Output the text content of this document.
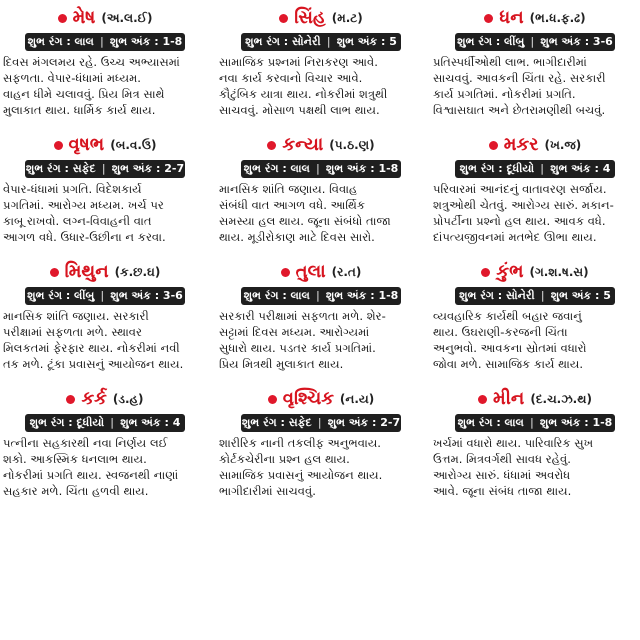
મેષ (અ.લ.ઈ)
શુભ રંગ : લાલ | શુભ અંક : 1-8
દિવસ મંગલમય રહે. ઉચ્ચ અભ્યાસમાં
સફળતા. વેપાર-ધંધામાં મધ્યમ.
વાહન ધીમે ચલાવવું. પ્રિય મિત્ર સાથે
મુલાકાત થાય. ધાર્મિક કાર્ય થાય.
વૃષભ (બ.વ.ઉ)
શુભ રંગ : સફેદ | શુભ અંક : 2-7
વેપાર-ધંધામાં પ્રગતિ. વિદેશકાર્ય
પ્રગતિમાં. આરોગ્ય મધ્યમ. ખર્ચ પર
કાબૂ રાખવો. લગ્ન-વિવાહની વાત
આગળ વધે. ઉધાર-ઉછીના ન કરવા.
મિથુન (ક.છ.ઘ)
શુભ રંગ : લીંબુ | શુભ અંક : 3-6
માનસિક શાંતિ જણાય. સરકારી
પરીક્ષામાં સફળતા મળે. સ્થાવર
મિલકતમાં ફેરફાર થાય. નોકરીમાં નવી
તક મળે. ટૂંકા પ્રવાસનું આયોજન થાય.
કર્ક (ડ.હ)
શુભ રંગ : દૂધીયો | શુભ અંક : 4
પત્નીના સહકારથી નવા નિર્ણય લઈ
શકો. આકસ્મિક ધનલાભ થાય.
નોકરીમાં પ્રગતિ થાય. સ્વજનથી નાણાં
સહકાર મળે. ચિંતા હળવી થાય.
સિંહ (મ.ટ)
શુભ રંગ : સોનેરી | શુભ અંક : 5
સામાજિક પ્રશ્નમાં નિરાકરણ આવે.
નવા કાર્ય કરવાનો વિચાર આવે.
કૌટુંબિક યાત્રા થાય. નોકરીમાં શત્રુથી
સાચવવું. મોસાળ પક્ષથી લાભ થાય.
કન્યા (પ.ઠ.ણ)
શુભ રંગ : લાલ | શુભ અંક : 1-8
માનસિક શાંતિ જણાય. વિવાહ
સંબંધી વાત આગળ વધે. આર્થિક
સમસ્યા હલ થાય. જૂના સંબંધો તાજા
થાય. મૂડીરોકાણ માટે દિવસ સારો.
તુલા (ર.ત)
શુભ રંગ : લાલ | શુભ અંક : 1-8
સરકારી પરીક્ષામાં સફળતા મળે. શેર-
સટ્ટામાં દિવસ મધ્યમ. આરોગ્યમાં
સુધારો થાય. પડતર કાર્ય પ્રગતિમાં.
પ્રિય મિત્રથી મુલાકાત થાય.
વૃશ્ચિક (ન.ય)
શુભ રંગ : સફેદ | શુભ અંક : 2-7
શારીરિક નાની તકલીફ અનુભવાય.
કોર્ટકચેરીના પ્રશ્ન હલ થાય.
સામાજિક પ્રવાસનું આયોજન થાય.
ભાગીદારીમાં સાચવવું.
ધન (ભ.ધ.ફ.ઢ)
શુભ રંગ : લીંબુ | શુભ અંક : 3-6
પ્રતિસ્પર્ધીઓથી લાભ. ભાગીદારીમાં
સાચવવું. આવકની ચિંતા રહે. સરકારી
કાર્ય પ્રગતિમાં. નોકરીમાં પ્રગતિ.
વિશ્વાસઘાત અને છેતરામણીથી બચવું.
મકર (ખ.જ)
શુભ રંગ : દૂધીયો | શુભ અંક : 4
પરિવારમાં આનંદનું વાતાવરણ સર્જાય.
શત્રુઓથી ચેતવું. આરોગ્ય સારું. મકાન-
પ્રોપર્ટીના પ્રશ્નો હલ થાય. આવક વધે.
દાંપત્યજીવનમાં મતભેદ ઊભા થાય.
કુંભ (ગ.શ.ષ.સ)
શુભ રંગ : સોનેરી | શુભ અંક : 5
વ્યવહારિક કાર્યથી બહાર જવાનું
થાય. ઉઘરાણી-કરજની ચિંતા
અનુભવો. આવકના સ્રોતમાં વધારો
જોવા મળે. સામાજિક કાર્ય થાય.
મીન (દ.ચ.ઝ.થ)
શુભ રંગ : લાલ | શુભ અંક : 1-8
ખર્ચમાં વધારો થાય. પારિવારિક સુખ
ઉત્તમ. મિત્રવર્ગથી સાવધ રહેવું.
આરોગ્ય સારું. ધંધામાં અવરોધ
આવે. જૂના સંબંધ તાજા થાય.
